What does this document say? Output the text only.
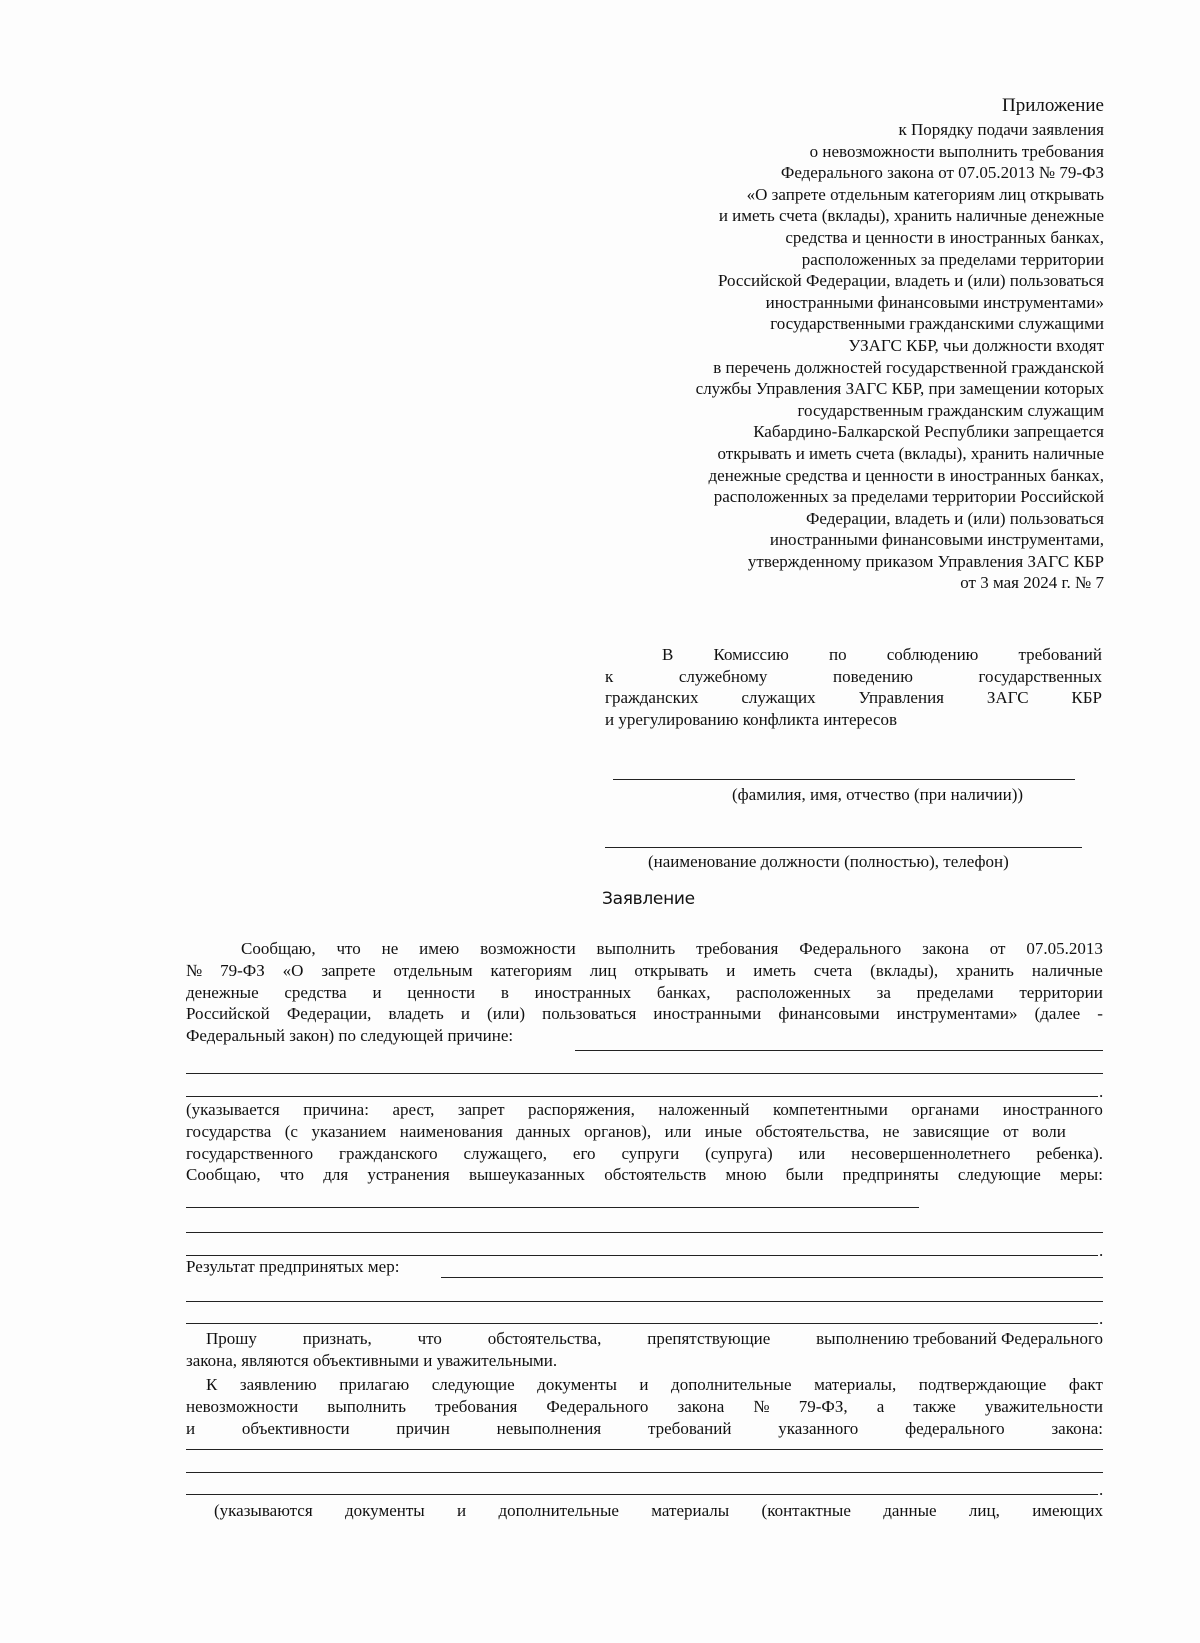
Приложение
к Порядку подачи заявления
о невозможности выполнить требования
Федерального закона от 07.05.2013 № 79-ФЗ
«О запрете отдельным категориям лиц открывать
и иметь счета (вклады), хранить наличные денежные
средства и ценности в иностранных банках,
расположенных за пределами территории
Российской Федерации, владеть и (или) пользоваться
иностранными финансовыми инструментами»
государственными гражданскими служащими
УЗАГС КБР, чьи должности входят
в перечень должностей государственной гражданской
службы Управления ЗАГС КБР, при замещении которых
государственным гражданским служащим
Кабардино-Балкарской Республики запрещается
открывать и иметь счета (вклады), хранить наличные
денежные средства и ценности в иностранных банках,
расположенных за пределами территории Российской
Федерации, владеть и (или) пользоваться
иностранными финансовыми инструментами,
утвержденному приказом Управления ЗАГС КБР
от 3 мая 2024 г. № 7
В Комиссию по соблюдению требований
к	служебному	поведению	государственных
гражданских	служащих	Управления	ЗАГС	КБР
и урегулированию конфликта интересов
(фамилия, имя, отчество (при наличии))
(наименование должности (полностью), телефон)
Заявление
Сообщаю, что не имею возможности выполнить требования Федерального закона от 07.05.2013
№ 79-ФЗ «О запрете отдельным категориям лиц открывать и иметь счета (вклады), хранить наличные
денежные средства и ценности в иностранных банках, расположенных за пределами территории
Российской Федерации, владеть и (или) пользоваться иностранными финансовыми инструментами» (далее -
Федеральный закон) по следующей причине:
.
(указывается причина: арест, запрет распоряжения, наложенный компетентными органами иностранного
государства (с указанием наименования данных органов), или иные обстоятельства, не зависящие от воли
государственного гражданского служащего, его супруги (супруга) или несовершеннолетнего ребенка).
Сообщаю, что для устранения вышеуказанных обстоятельств мною были предприняты следующие меры:
.
Результат предпринятых мер:
.
Прошу	признать,	что	обстоятельства,	препятствующие	выполнению требований Федерального
закона, являются объективными и уважительными.
К заявлению прилагаю следующие документы и дополнительные материалы, подтверждающие факт
невозможности выполнить требования Федерального закона № 79-ФЗ, а также уважительности
и	объективности	причин	невыполнения	требований	указанного	федерального	закона:
.
(указываются документы и дополнительные материалы (контактные данные лиц, имеющих
